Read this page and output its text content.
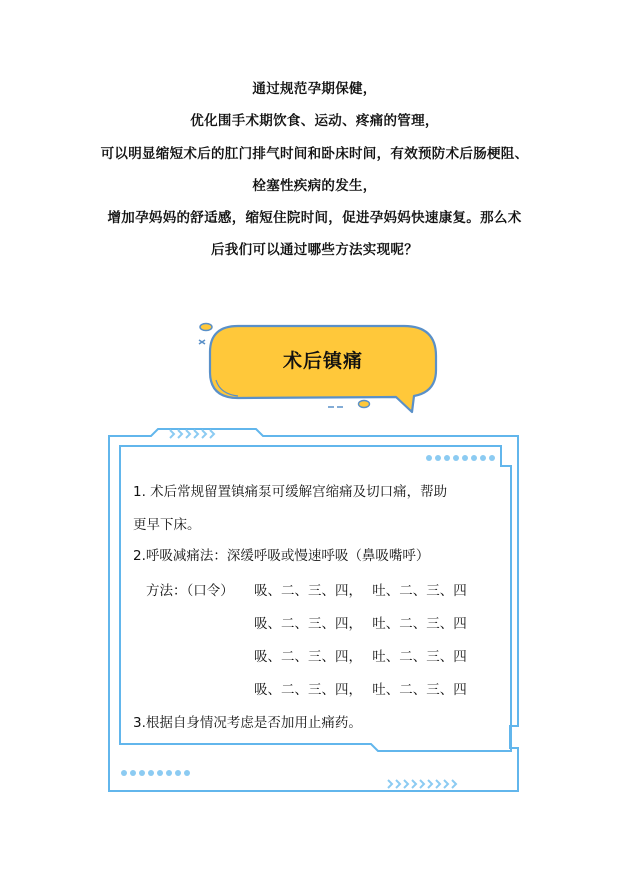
通过规范孕期保健，

优化围手术期饮食、运动、疼痛的管理，

可以明显缩短术后的肛门排气时间和卧床时间，有效预防术后肠梗阻、

栓塞性疾病的发生，

增加孕妈妈的舒适感，缩短住院时间，促进孕妈妈快速康复。那么术

后我们可以通过哪些方法实现呢？

术后镇痛
1. 术后常规留置镇痛泵可缓解宫缩痛及切口痛，帮助
更早下床。
2.呼吸减痛法：深缓呼吸或慢速呼吸（鼻吸嘴呼）
方法：（口令） 吸、二、三、四， 吐、二、三、四
吸、二、三、四， 吐、二、三、四
吸、二、三、四， 吐、二、三、四
吸、二、三、四， 吐、二、三、四
3.根据自身情况考虑是否加用止痛药。
